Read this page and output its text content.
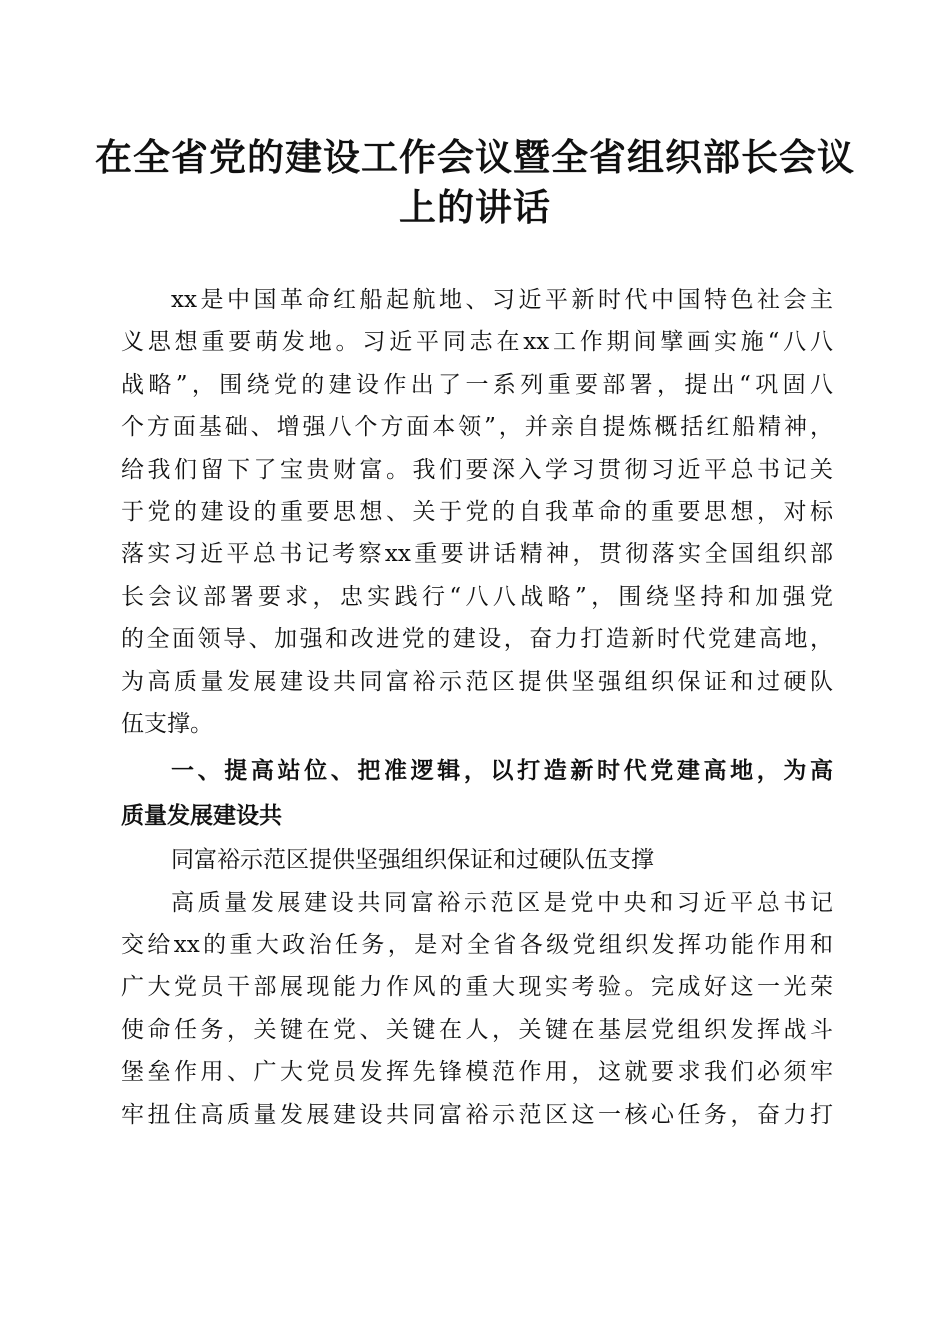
在全省党的建设工作会议暨全省组织部长会议
上的讲话

xx是中国革命红船起航地、习近平新时代中国特色社会主
义思想重要萌发地。习近平同志在xx工作期间擘画实施“八八
战略”，围绕党的建设作出了一系列重要部署，提出“巩固八
个方面基础、增强八个方面本领”，并亲自提炼概括红船精神，
给我们留下了宝贵财富。我们要深入学习贯彻习近平总书记关
于党的建设的重要思想、关于党的自我革命的重要思想，对标
落实习近平总书记考察xx重要讲话精神，贯彻落实全国组织部
长会议部署要求，忠实践行“八八战略”，围绕坚持和加强党
的全面领导、加强和改进党的建设，奋力打造新时代党建高地，
为高质量发展建设共同富裕示范区提供坚强组织保证和过硬队
伍支撑。

一、提高站位、把准逻辑，以打造新时代党建高地，为高
质量发展建设共

同富裕示范区提供坚强组织保证和过硬队伍支撑

高质量发展建设共同富裕示范区是党中央和习近平总书记
交给xx的重大政治任务，是对全省各级党组织发挥功能作用和
广大党员干部展现能力作风的重大现实考验。完成好这一光荣
使命任务，关键在党、关键在人，关键在基层党组织发挥战斗
堡垒作用、广大党员发挥先锋模范作用，这就要求我们必须牢
牢扭住高质量发展建设共同富裕示范区这一核心任务，奋力打
